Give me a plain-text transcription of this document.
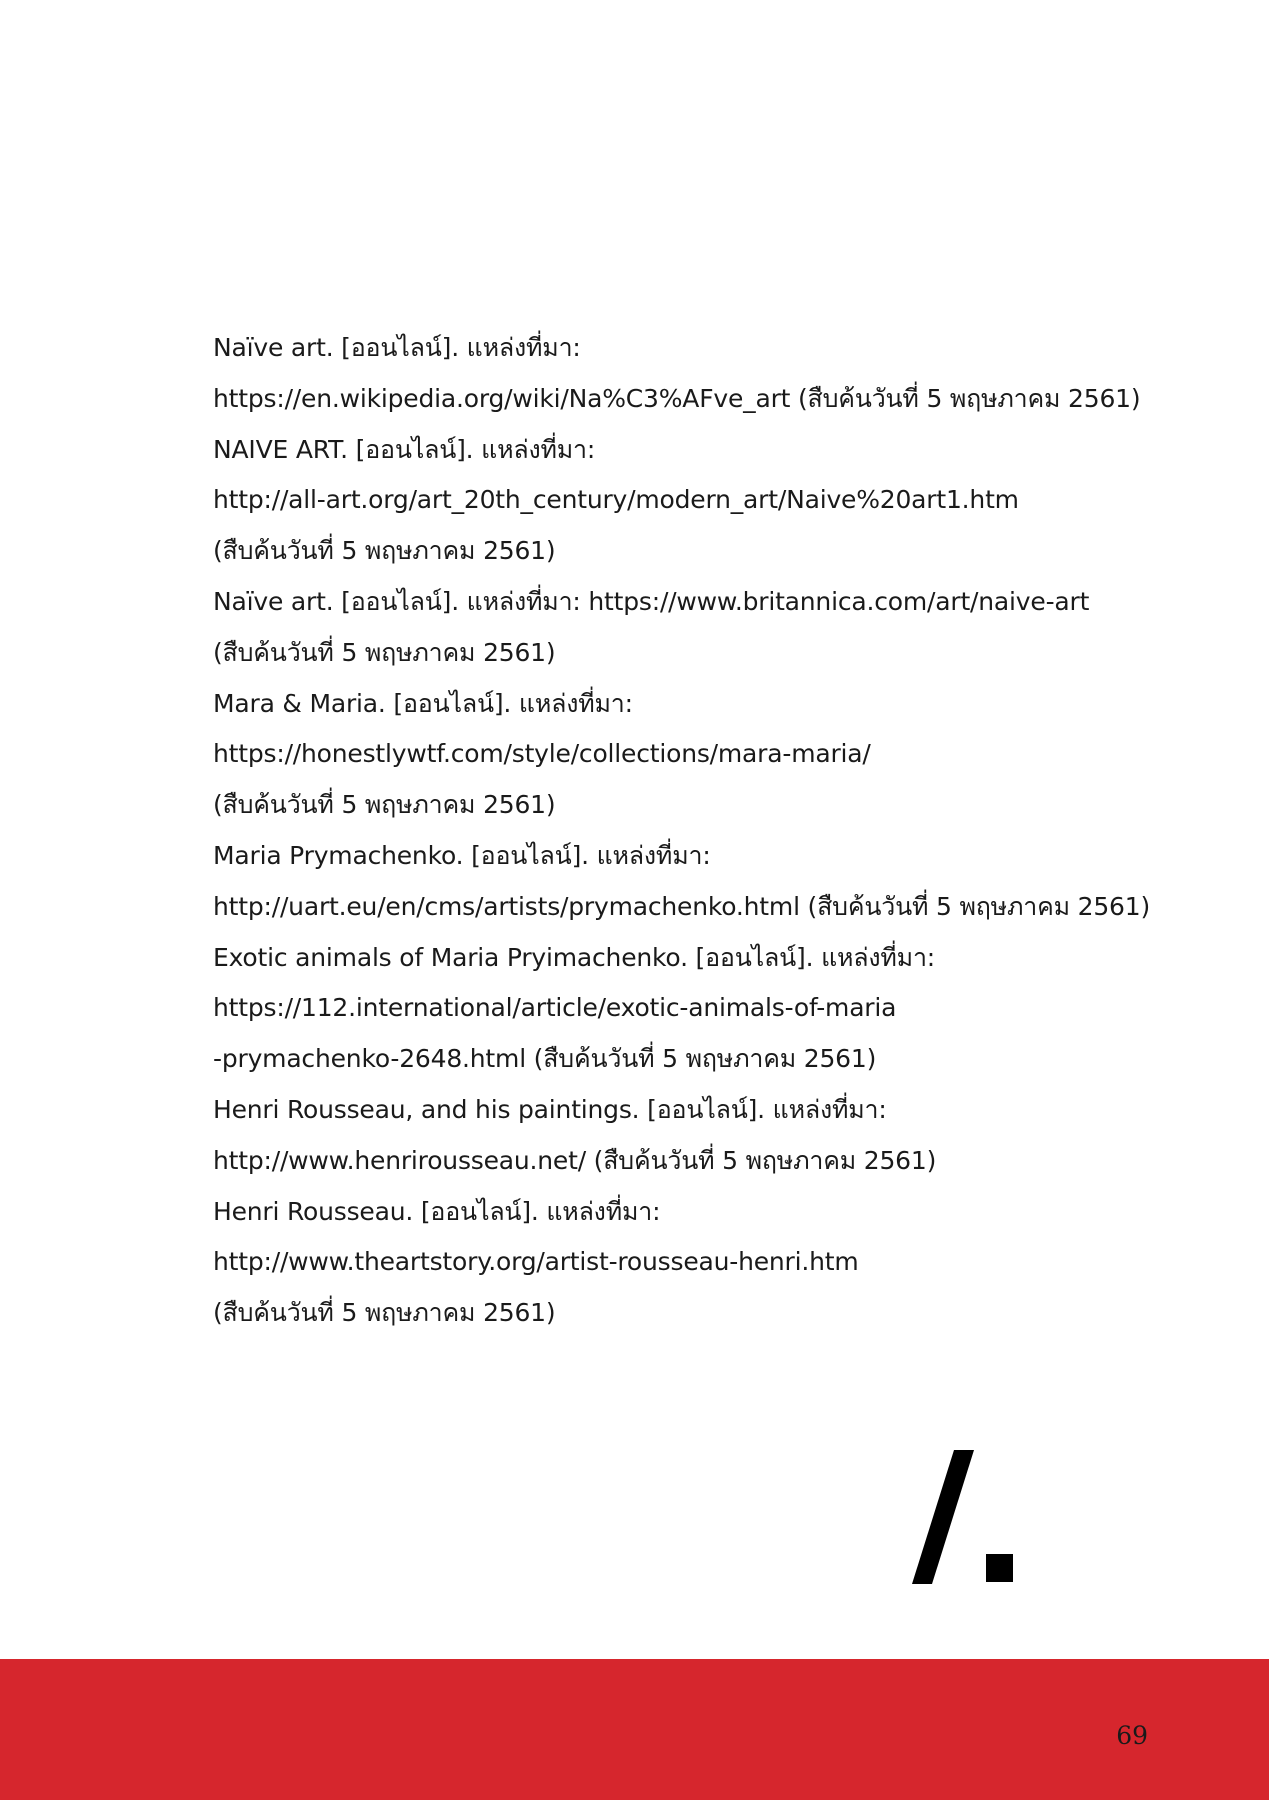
Naïve art. [ออนไลน์]. แหล่งที่มา:
https://en.wikipedia.org/wiki/Na%C3%AFve_art (สืบค้นวันที่ 5 พฤษภาคม 2561)
NAIVE ART. [ออนไลน์]. แหล่งที่มา:
http://all-art.org/art_20th_century/modern_art/Naive%20art1.htm
(สืบค้นวันที่ 5 พฤษภาคม 2561)
Naïve art. [ออนไลน์]. แหล่งที่มา: https://www.britannica.com/art/naive-art
(สืบค้นวันที่ 5 พฤษภาคม 2561)
Mara & Maria. [ออนไลน์]. แหล่งที่มา:
https://honestlywtf.com/style/collections/mara-maria/
(สืบค้นวันที่ 5 พฤษภาคม 2561)
Maria Prymachenko. [ออนไลน์]. แหล่งที่มา:
http://uart.eu/en/cms/artists/prymachenko.html (สืบค้นวันที่ 5 พฤษภาคม 2561)
Exotic animals of Maria Pryimachenko. [ออนไลน์]. แหล่งที่มา:
https://112.international/article/exotic-animals-of-maria
-prymachenko-2648.html (สืบค้นวันที่ 5 พฤษภาคม 2561)
Henri Rousseau, and his paintings. [ออนไลน์]. แหล่งที่มา:
http://www.henrirousseau.net/ (สืบค้นวันที่ 5 พฤษภาคม 2561)
Henri Rousseau. [ออนไลน์]. แหล่งที่มา:
http://www.theartstory.org/artist-rousseau-henri.htm
(สืบค้นวันที่ 5 พฤษภาคม 2561)
69
